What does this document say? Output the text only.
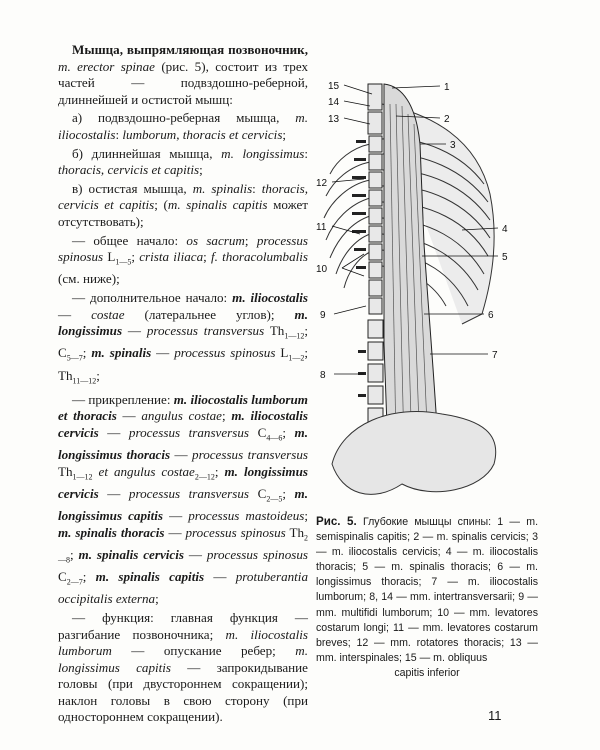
Мышца, выпрямляющая позвоночник, m. erector spinae (рис. 5), состоит из трех частей — подвздошно-реберной, длиннейшей и остистой мышц:

а) подвздошно-реберная мышца, m. iliocostalis: lumborum, thoracis et cervicis;

б) длиннейшая мышца, m. longissimus: thoracis, cervicis et capitis;

в) остистая мышца, m. spinalis: thoracis, cervicis et capitis; (m. spinalis capitis может отсутствовать);

— общее начало: os sacrum; processus spinosus $L_{1—5}$; crista iliaca; f. thoracolumbalis (см. ниже);

— дополнительное начало: m. iliocostalis — costae (латеральнее углов); m. longissimus — processus transversus $Th_{1—12}$; $C_{5—7}$; m. spinalis — processus spinosus $L_{1—2}$; $Th_{11—12}$;

— прикрепление: m. iliocostalis lumborum et thoracis — angulus costae; m. iliocostalis cervicis — processus transversus $C_{4—6}$; m. longissimus thoracis — processus transversus $Th_{1—12}$ et angulus costae$_{2—12}$; m. longissimus cervicis — processus transversus $C_{2—5}$; m. longissimus capitis — processus mastoideus; m. spinalis thoracis — processus spinosus $Th_{2—8}$; m. spinalis cervicis — processus spinosus $C_{2—7}$; m. spinalis capitis — protuberantia occipitalis externa;

— функция: главная функция — разгибание позвоночника; m. iliocostalis lumborum — опускание ребер; m. longissimus capitis — запрокидывание головы (при двустороннем сокращении); наклон головы в свою сторону (при одностороннем сокращении).

15
14
13
12
11
10
9
8
1
2
3
4
5
6
7
Рис. 5. Глубокие мышцы спины: 1 — m. semispinalis capitis; 2 — m. spinalis cervicis; 3 — m. iliocostalis cervicis; 4 — m. iliocostalis thoracis; 5 — m. spinalis thoracis; 6 — m. longissimus thoracis; 7 — m. iliocostalis lumborum; 8, 14 — mm. intertransversarii; 9 — mm. multifidi lumborum; 10 — mm. levatores costarum longi; 11 — mm. levatores costarum breves; 12 — mm. rotatores thoracis; 13 — mm. interspinales; 15 — m. obliquus
capitis inferior
11
